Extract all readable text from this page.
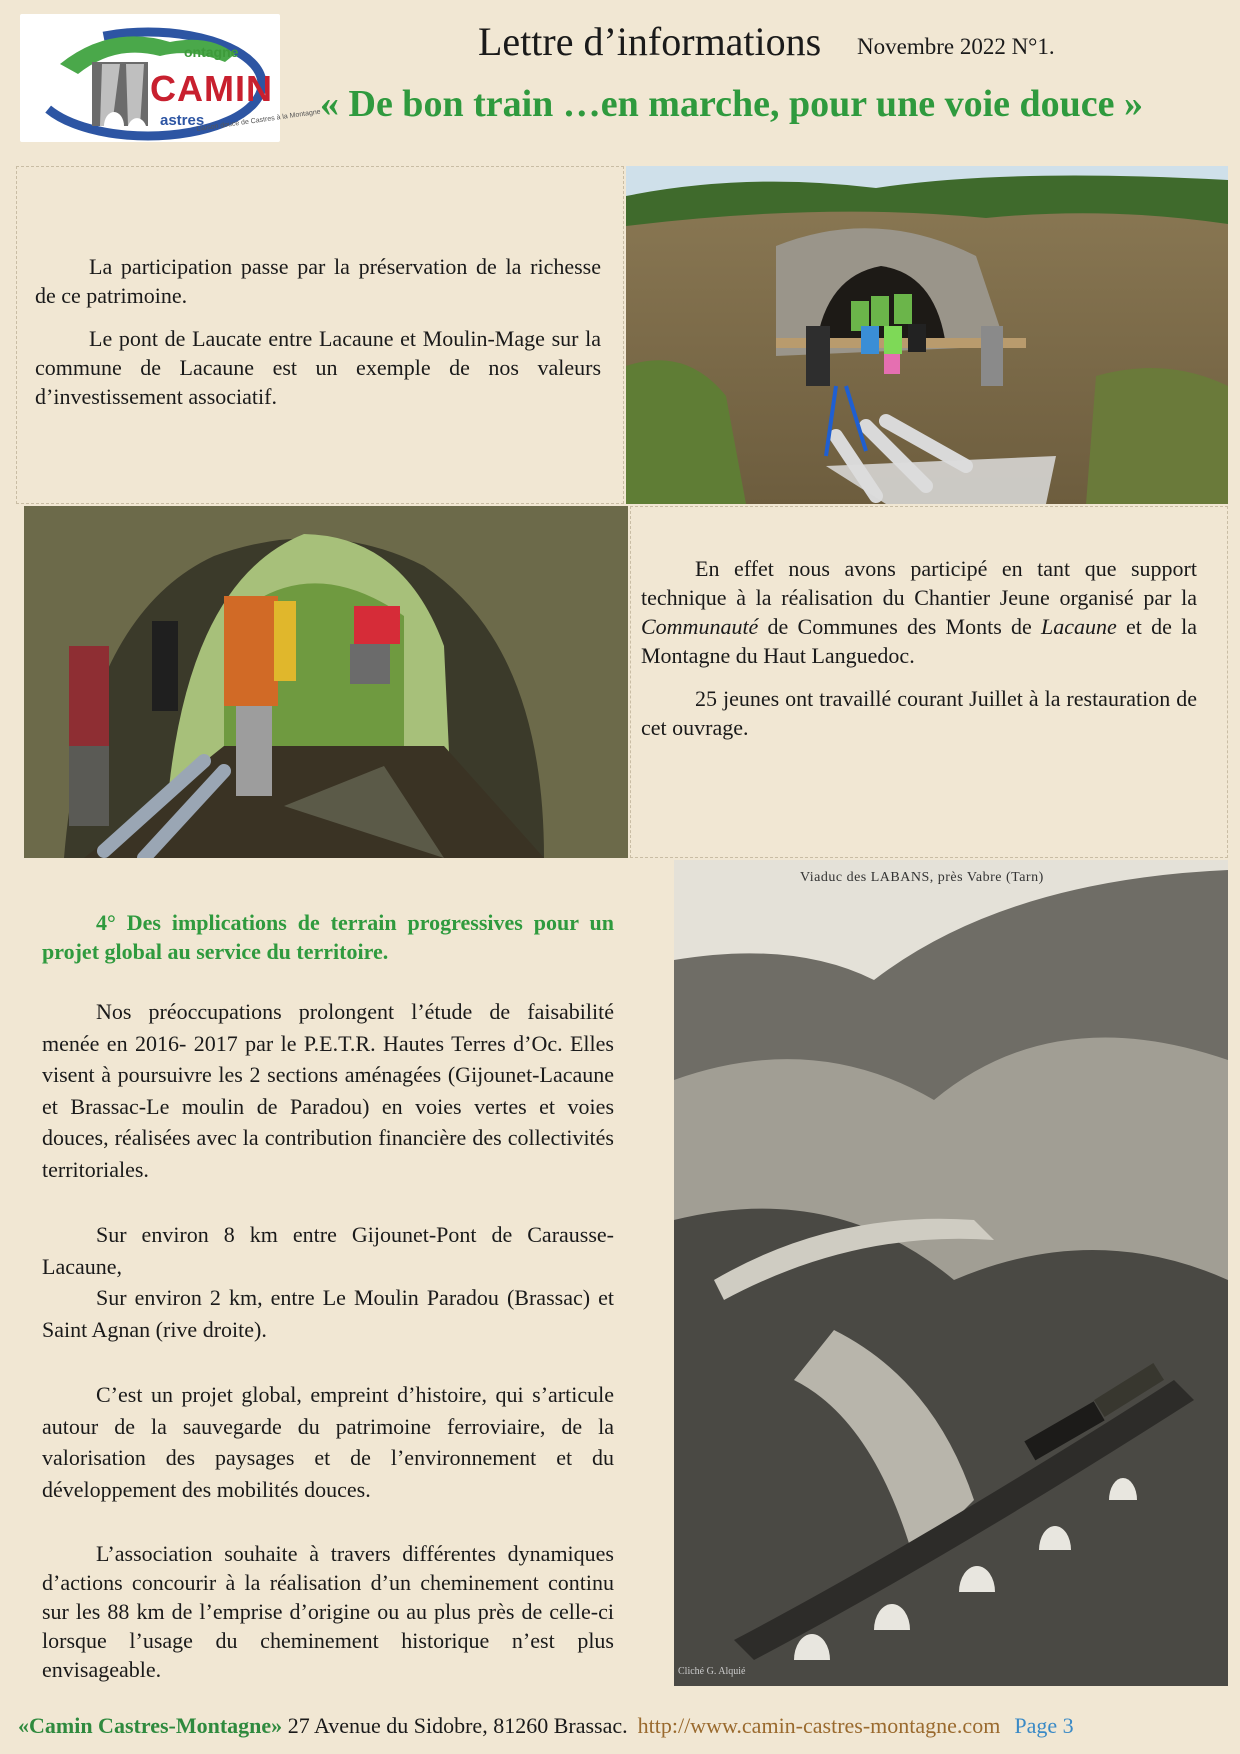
ontagne
CAMIN
astres
Liaison douce de Castres à la Montagne
Lettre d’informations Novembre 2022 N°1.
« De bon train …en marche, pour une voie douce »

La participation passe par la préservation de la richesse de ce patrimoine.

Le pont de Laucate entre Lacaune et Moulin-Mage sur la commune de Lacaune est un exemple de nos valeurs d’investissement associatif.

En effet nous avons participé en tant que support technique à la réalisation du Chantier Jeune organisé par la Communauté de Communes des Monts de Lacaune et de la Montagne du Haut Languedoc.

25 jeunes ont travaillé courant Juillet à la restauration de cet ouvrage.

4° Des implications de terrain progressives pour un projet global au service du territoire.

Nos préoccupations prolongent l’étude de faisabilité menée en 2016- 2017 par le P.E.T.R. Hautes Terres d’Oc. Elles visent à poursuivre les 2 sections aménagées (Gijounet-Lacaune et Brassac-Le moulin de Paradou) en voies vertes et voies douces, réalisées avec la contribution financière des collectivités territoriales.

Sur environ 8 km entre Gijounet-Pont de Carausse-Lacaune,

Sur environ 2 km, entre Le Moulin Paradou (Brassac) et Saint Agnan (rive droite).

C’est un projet global, empreint d’histoire, qui s’articule autour de la sauvegarde du patrimoine ferroviaire, de la valorisation des paysages et de l’environnement et du développement des mobilités douces.

L’association souhaite à travers différentes dynamiques d’actions concourir à la réalisation d’un cheminement continu sur les 88 km de l’emprise d’origine ou au plus près de celle-ci lorsque l’usage du cheminement historique n’est plus envisageable.

Viaduc des LABANS, près Vabre (Tarn)
Cliché G. Alquié
«Camin Castres-Montagne» 27 Avenue du Sidobre, 81260 Brassac. http://www.camin-castres-montagne.com Page 3
